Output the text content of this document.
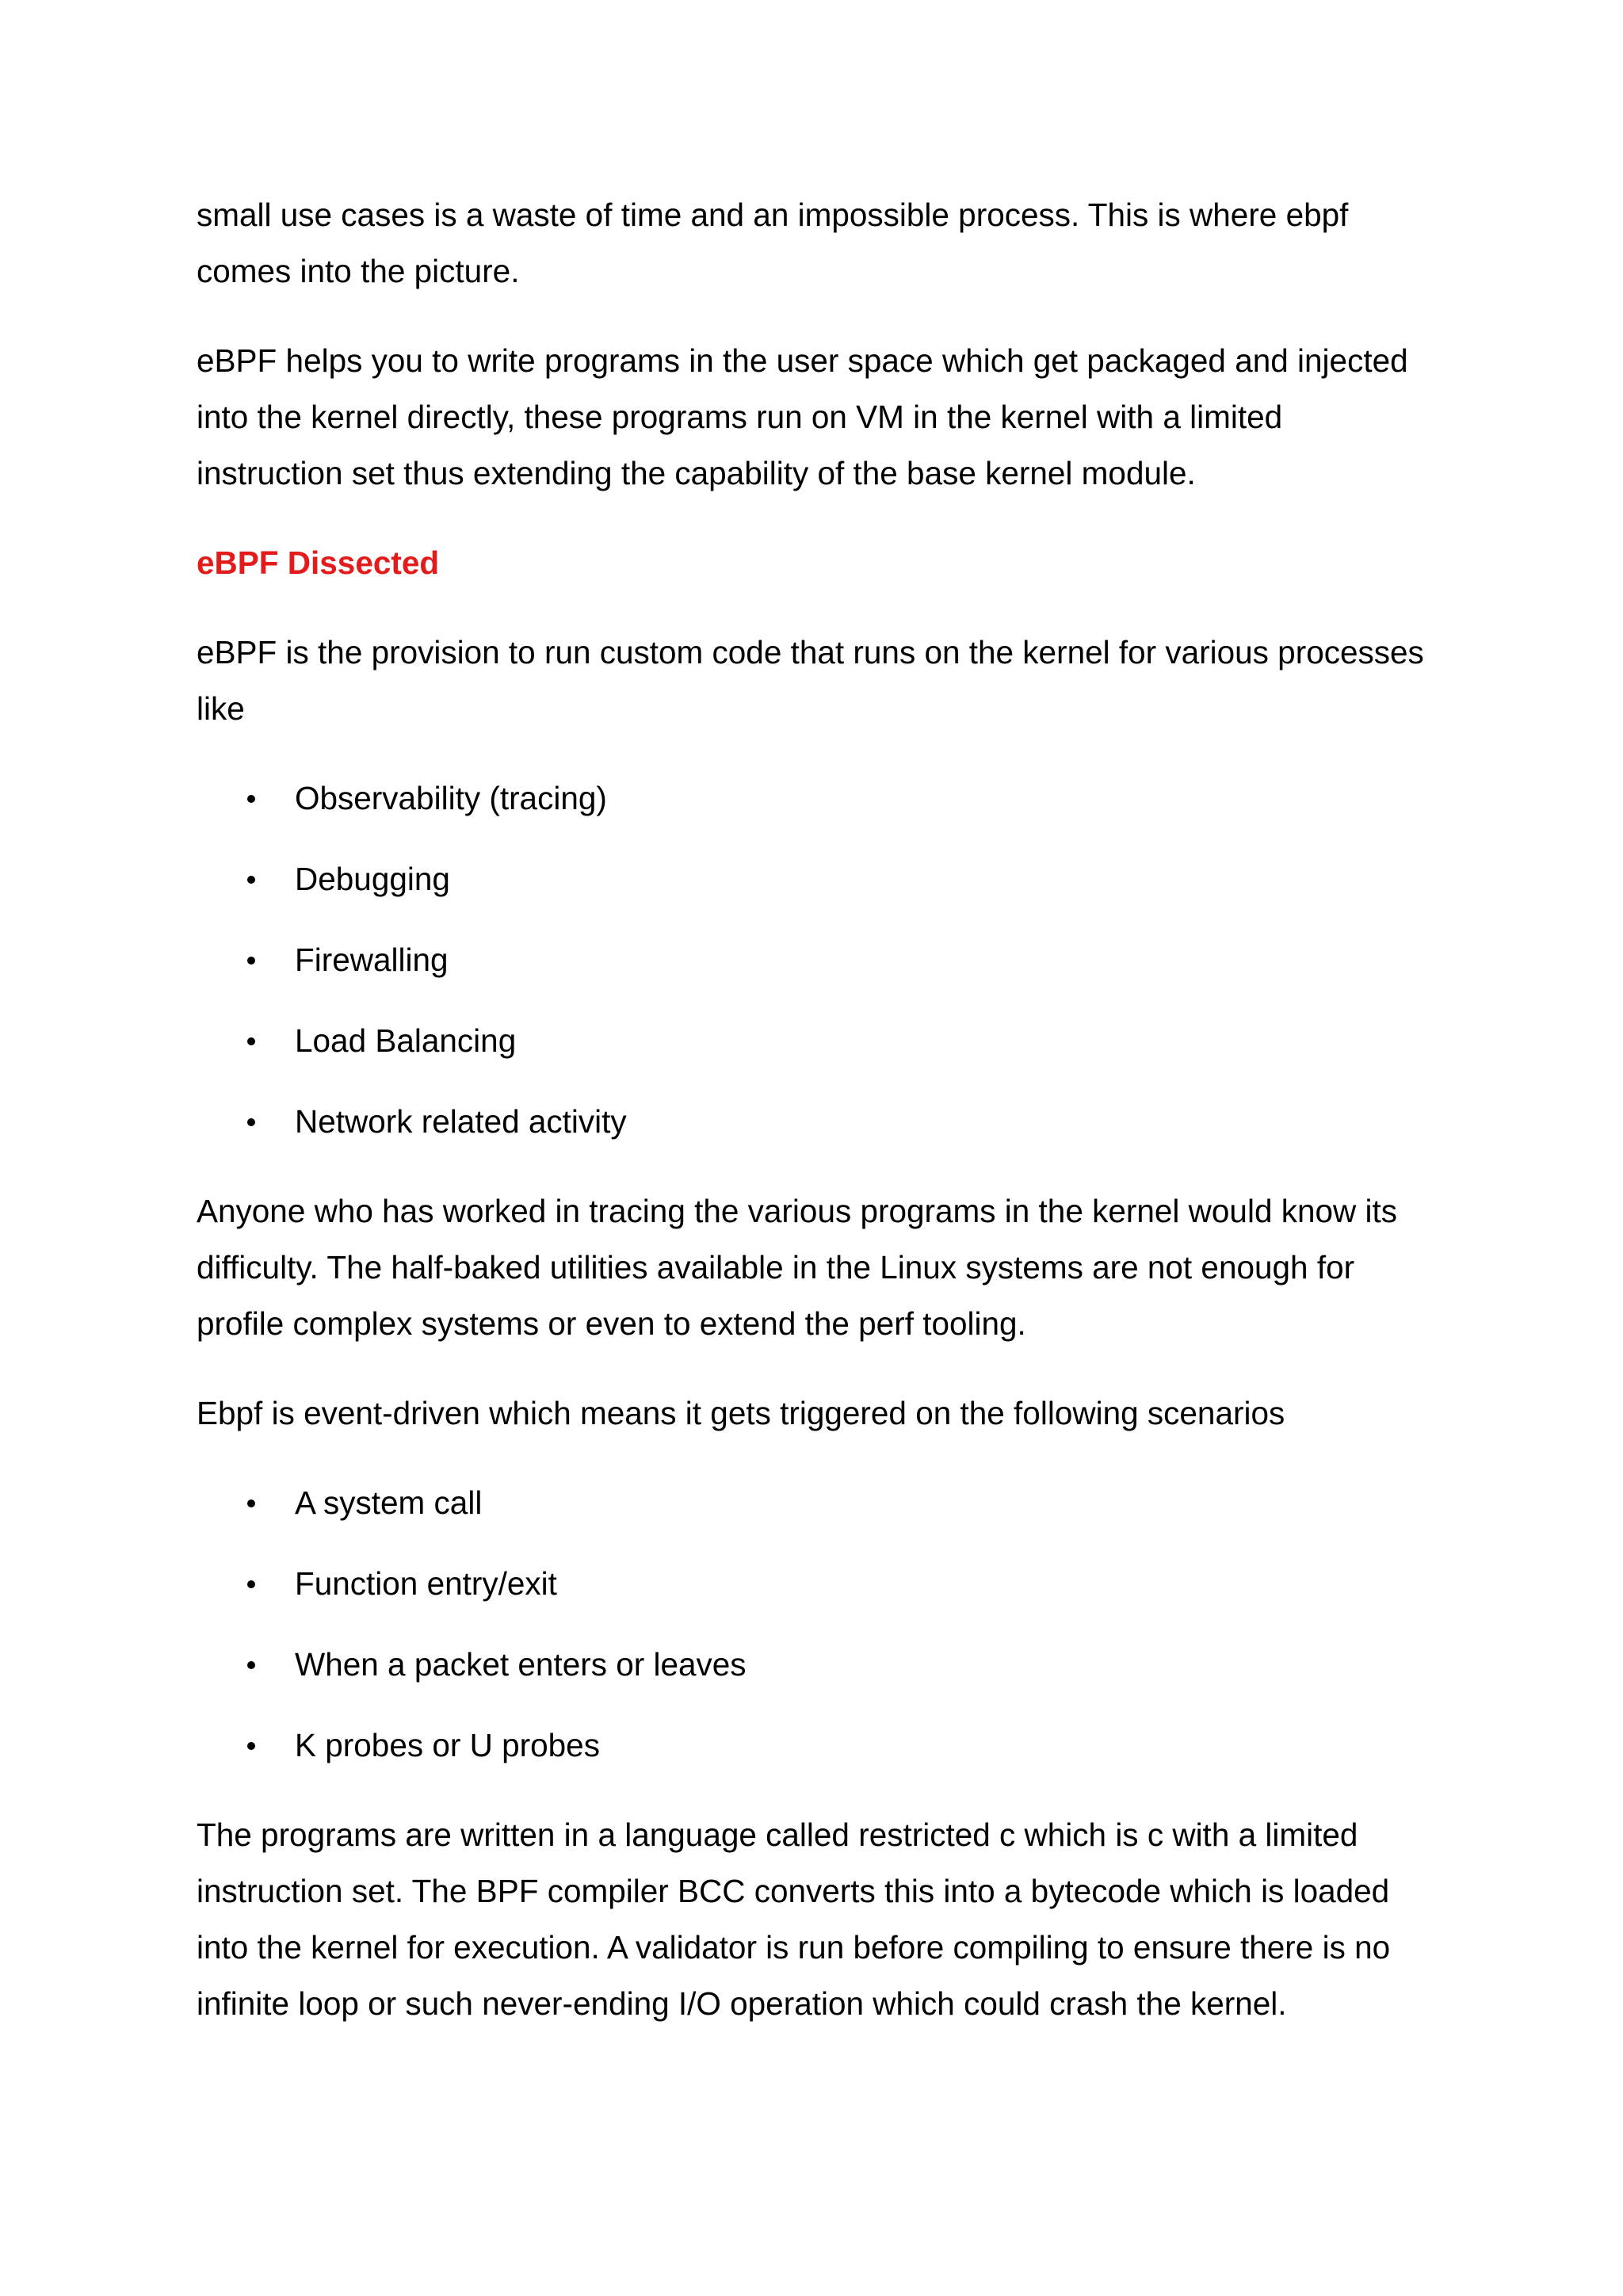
small use cases is a waste of time and an impossible process. This is where ebpf comes into the picture.

eBPF helps you to write programs in the user space which get packaged and injected into the kernel directly, these programs run on VM in the kernel with a limited instruction set thus extending the capability of the base kernel module.

eBPF Dissected

eBPF is the provision to run custom code that runs on the kernel for various processes like

Observability (tracing)
Debugging
Firewalling
Load Balancing
Network related activity

Anyone who has worked in tracing the various programs in the kernel would know its difficulty. The half-baked utilities available in the Linux systems are not enough for profile complex systems or even to extend the perf tooling.

Ebpf is event-driven which means it gets triggered on the following scenarios

A system call
Function entry/exit
When a packet enters or leaves
K probes or U probes

The programs are written in a language called restricted c which is c with a limited instruction set. The BPF compiler BCC converts this into a bytecode which is loaded into the kernel for execution. A validator is run before compiling to ensure there is no infinite loop or such never-ending I/O operation which could crash the kernel.
